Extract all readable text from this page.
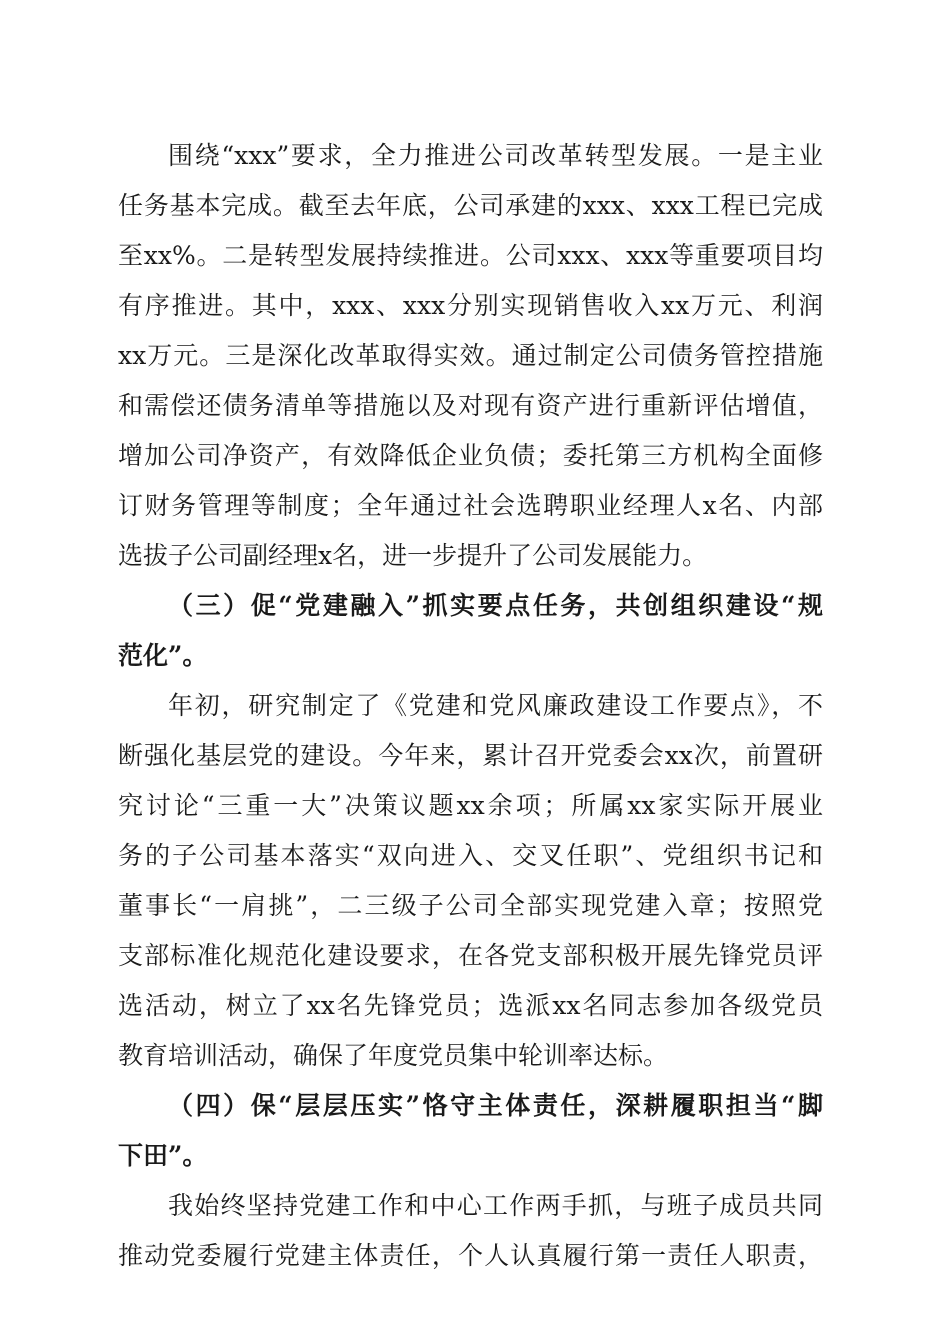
围绕“xxx”要求，全力推进公司改革转型发展。一是主业
任务基本完成。截至去年底，公司承建的xxx、xxx工程已完成
至xx%。二是转型发展持续推进。公司xxx、xxx等重要项目均
有序推进。其中，xxx、xxx分别实现销售收入xx万元、利润
xx万元。三是深化改革取得实效。通过制定公司债务管控措施
和需偿还债务清单等措施以及对现有资产进行重新评估增值，
增加公司净资产，有效降低企业负债；委托第三方机构全面修
订财务管理等制度；全年通过社会选聘职业经理人x名、内部
选拔子公司副经理x名，进一步提升了公司发展能力。
（三）促“党建融入”抓实要点任务，共创组织建设“规
范化”。
年初，研究制定了《党建和党风廉政建设工作要点》，不
断强化基层党的建设。今年来，累计召开党委会xx次，前置研
究讨论“三重一大”决策议题xx余项；所属xx家实际开展业
务的子公司基本落实“双向进入、交叉任职”、党组织书记和
董事长“一肩挑”，二三级子公司全部实现党建入章；按照党
支部标准化规范化建设要求，在各党支部积极开展先锋党员评
选活动，树立了xx名先锋党员；选派xx名同志参加各级党员
教育培训活动，确保了年度党员集中轮训率达标。
（四）保“层层压实”恪守主体责任，深耕履职担当“脚
下田”。
我始终坚持党建工作和中心工作两手抓，与班子成员共同
推动党委履行党建主体责任，个人认真履行第一责任人职责，
